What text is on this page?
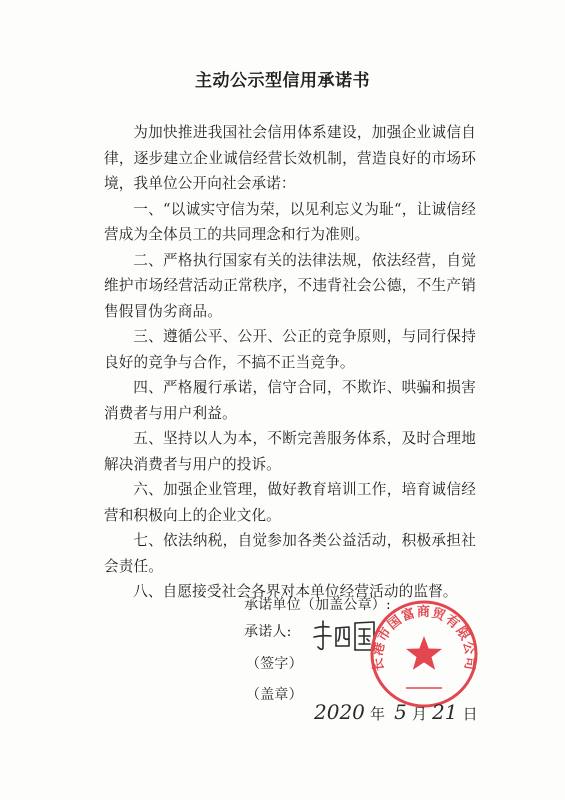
主动公示型信用承诺书

为加快推进我国社会信用体系建设，加强企业诚信自律，逐步建立企业诚信经营长效机制，营造良好的市场环境，我单位公开向社会承诺：

一、“以诚实守信为荣，以见利忘义为耻“，让诚信经营成为全体员工的共同理念和行为准则。

二、严格执行国家有关的法律法规，依法经营，自觉维护市场经营活动正常秩序，不违背社会公德，不生产销售假冒伪劣商品。

三、遵循公平、公开、公正的竞争原则，与同行保持良好的竞争与合作，不搞不正当竞争。

四、严格履行承诺，信守合同，不欺诈、哄骗和损害消费者与用户利益。

五、坚持以人为本，不断完善服务体系，及时合理地解决消费者与用户的投诉。

六、加强企业管理，做好教育培训工作，培育诚信经营和积极向上的企业文化。

七、依法纳税，自觉参加各类公益活动，积极承担社会责任。

八、自愿接受社会各界对本单位经营活动的监督。

承诺单位（加盖公章）:
承诺人:
（签字）
（盖章）
长港市国富商贸有限公司
2020 年 5 月 21 日
